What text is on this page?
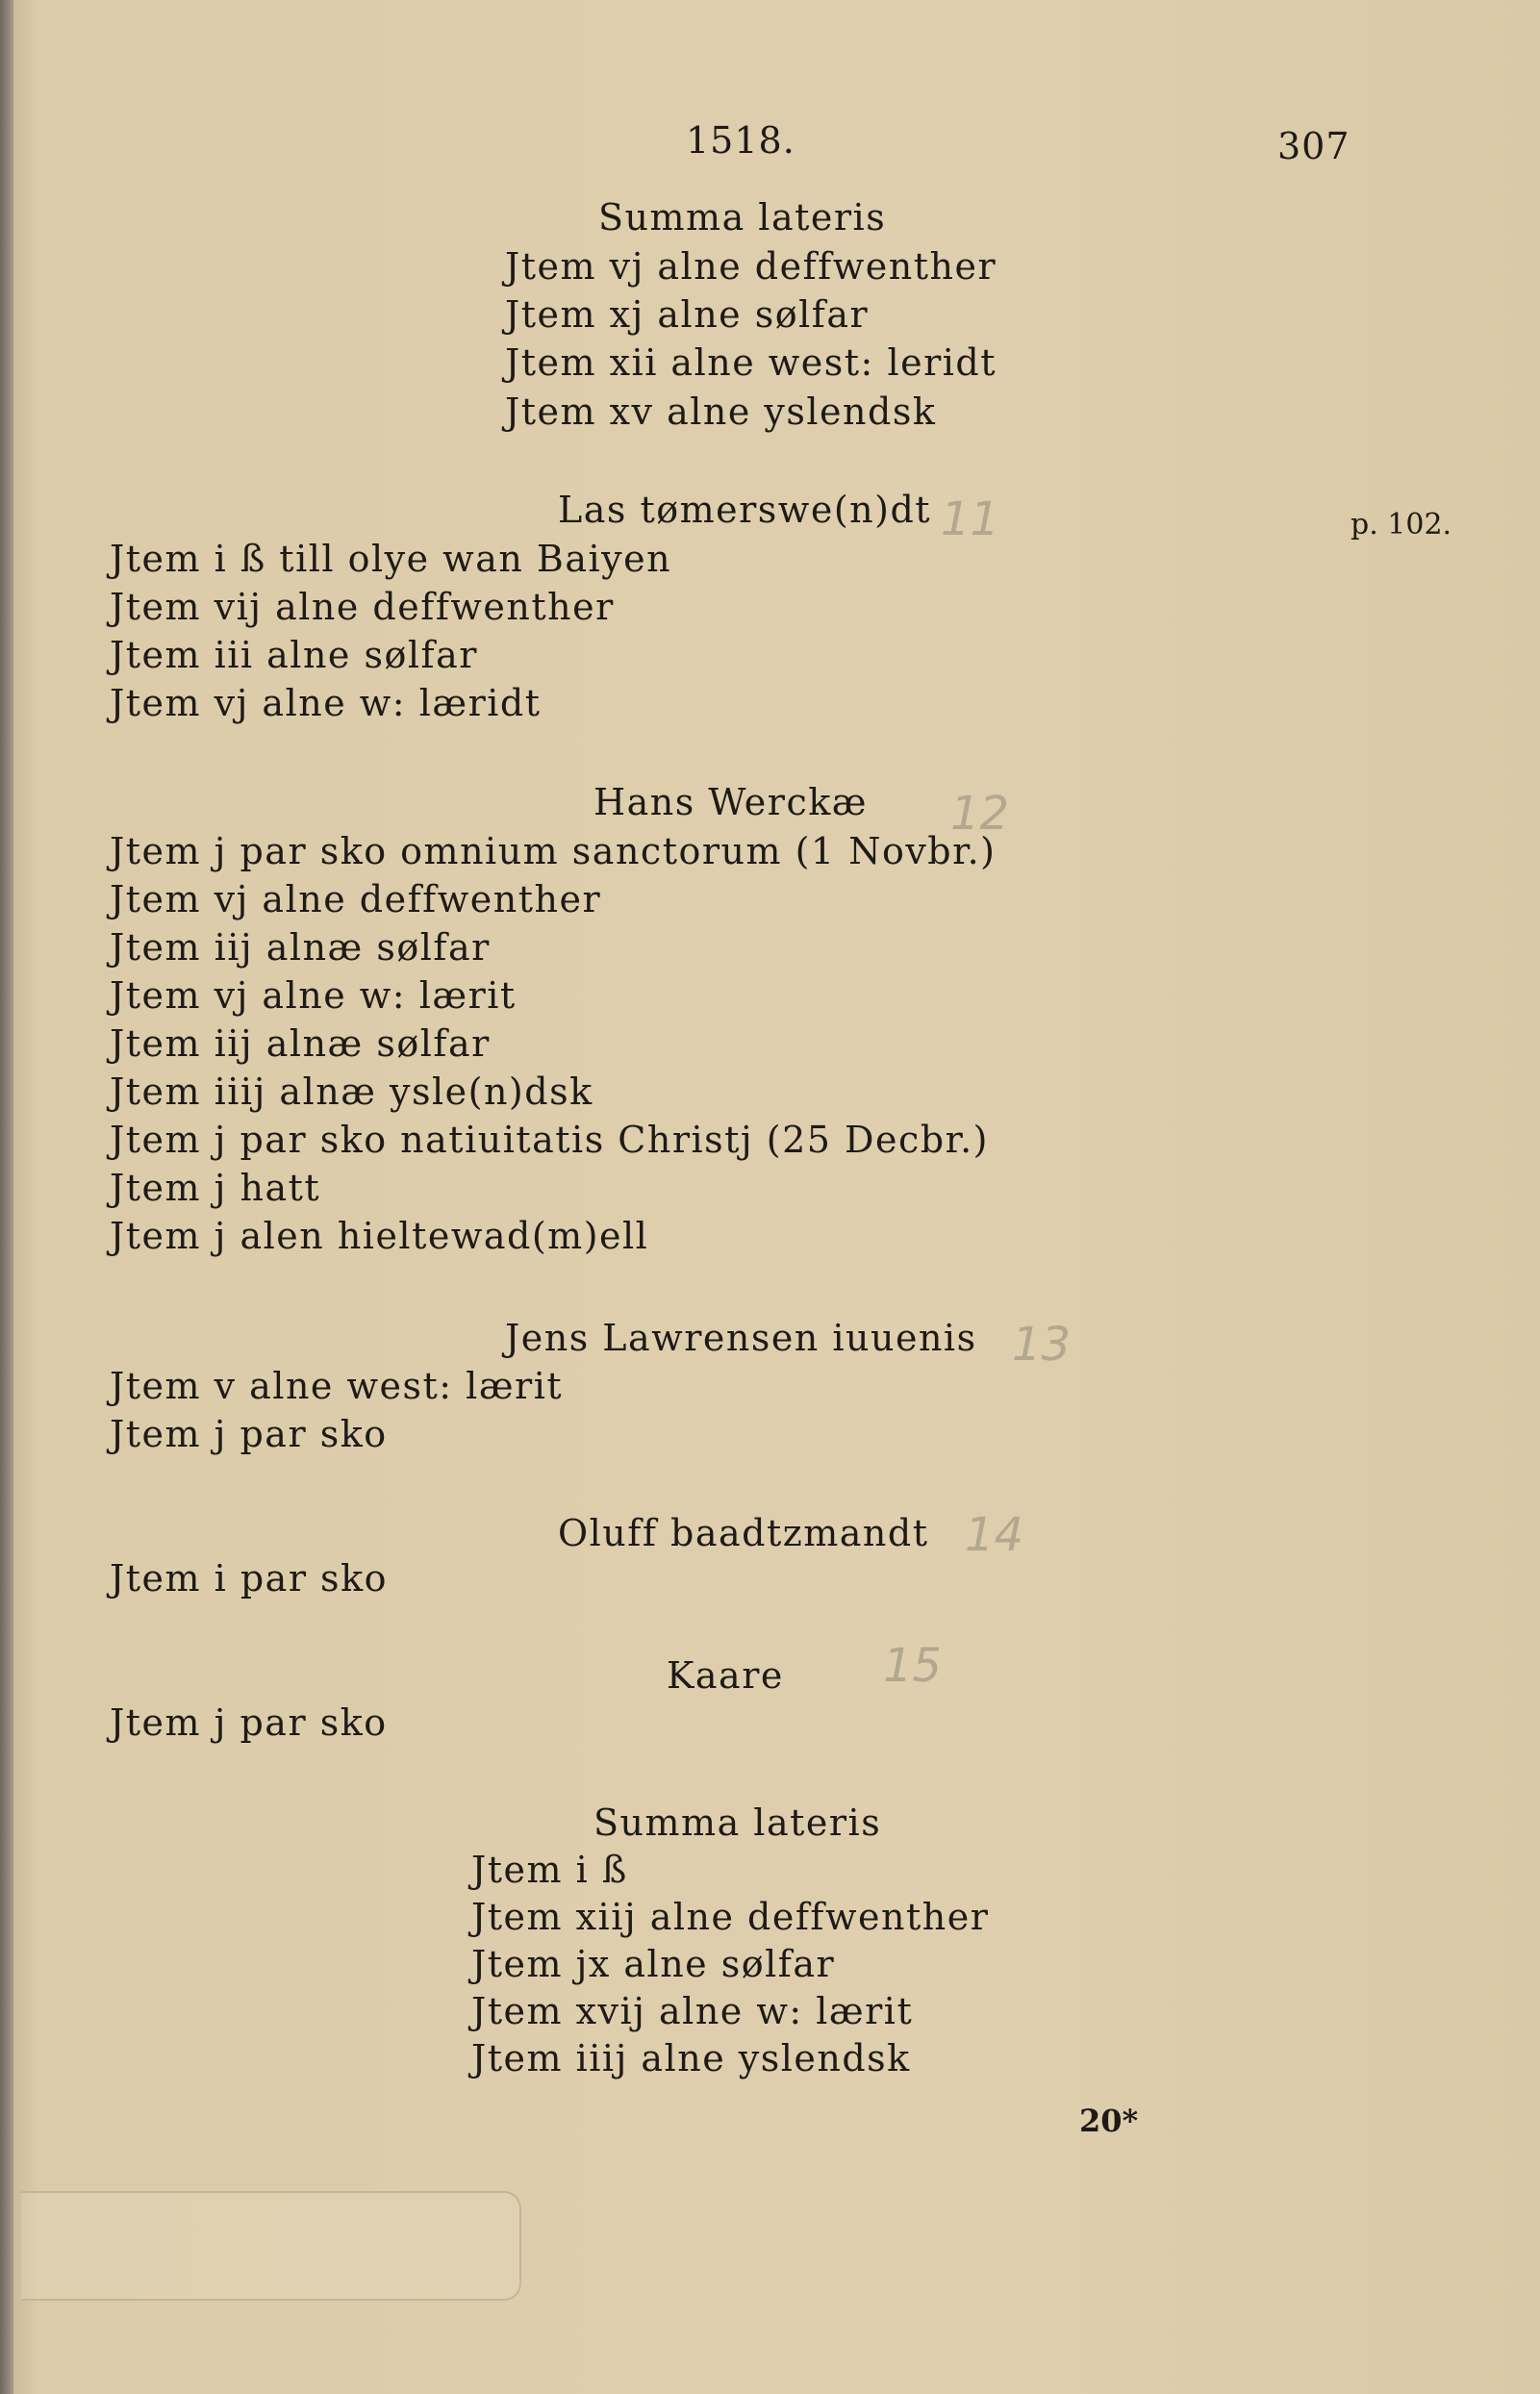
1518.	307
p. 102.
Summa lateris
Jtem vj alne deffwenther
Jtem xj alne sølfar
Jtem xii alne west: leridt
Jtem xv alne yslendsk
Las tømerswe(n)dt
Jtem i ß till olye wan Baiyen
Jtem vij alne deffwenther
Jtem iii alne sølfar
Jtem vj alne w: læridt
Hans Werckæ
Jtem j par sko omnium sanctorum (1 Novbr.)
Jtem vj alne deffwenther
Jtem iij alnæ sølfar
Jtem vj alne w: lærit
Jtem iij alnæ sølfar
Jtem iiij alnæ ysle(n)dsk
Jtem j par sko natiuitatis Christj (25 Decbr.)
Jtem j hatt
Jtem j alen hieltewad(m)ell
Jens Lawrensen iuuenis
Jtem v alne west: lærit
Jtem j par sko
Oluff baadtzmandt
Jtem i par sko
Kaare
Jtem j par sko
Summa lateris
Jtem i ß
Jtem xiij alne deffwenther
Jtem jx alne sølfar
Jtem xvij alne w: lærit
Jtem iiij alne yslendsk
11
12
13
14
15
20*
